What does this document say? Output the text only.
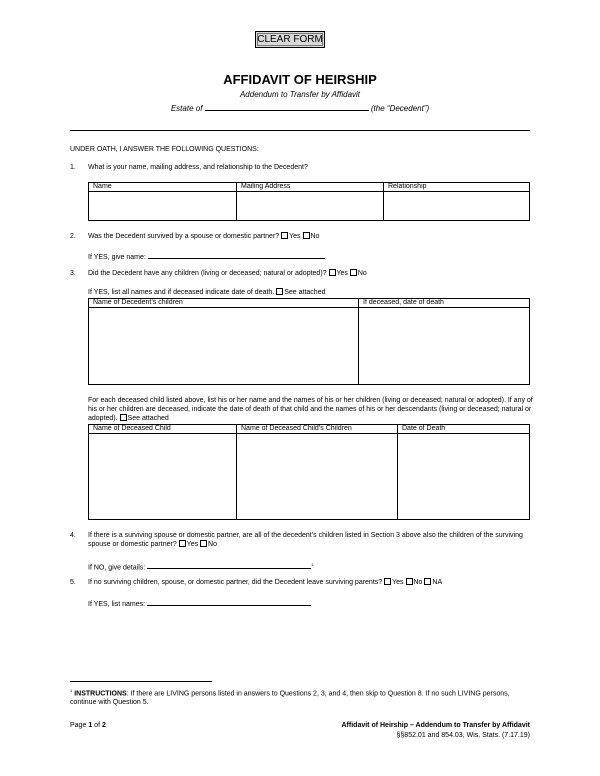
CLEAR FORM
AFFIDAVIT OF HEIRSHIP
Addendum to Transfer by Affidavit
Estate of	(the “Decedent”)
UNDER OATH, I ANSWER THE FOLLOWING QUESTIONS:
1. What is your name, mailing address, and relationship to the Decedent?
Name	Mailing Address	Relationship

2. Was the Decedent survived by a spouse or domestic partner? Yes No
If YES, give name:
3. Did the Decedent have any children (living or deceased; natural or adopted)? Yes No
If YES, list all names and if deceased indicate date of death. See attached
Name of Decedent’s children	If deceased, date of death

For each deceased child listed above, list his or her name and the names of his or her children (living or deceased; natural or adopted). If any of his or her children are deceased, indicate the date of death of that child and the names of his or her descendants (living or deceased; natural or adopted). See attached
Name of Deceased Child	Name of Deceased Child’s Children	Date of Death

4. If there is a surviving spouse or domestic partner, are all of the decedent’s children listed in Section 3 above also the children of the surviving spouse or domestic partner? Yes No
If NO, give details:	$^1$
5. If no surviving children, spouse, or domestic partner, did the Decedent leave surviving parents? Yes No NA
If YES, list names:
$^1$ INSTRUCTIONS: If there are LIVING persons listed in answers to Questions 2, 3, and 4, then skip to Question 8. If no such LIVING persons, continue with Question 5.
Page 1 of 2	Affidavit of Heirship – Addendum to Transfer by Affidavit
§§852.01 and 854.03, Wis. Stats. (7.17.19)
